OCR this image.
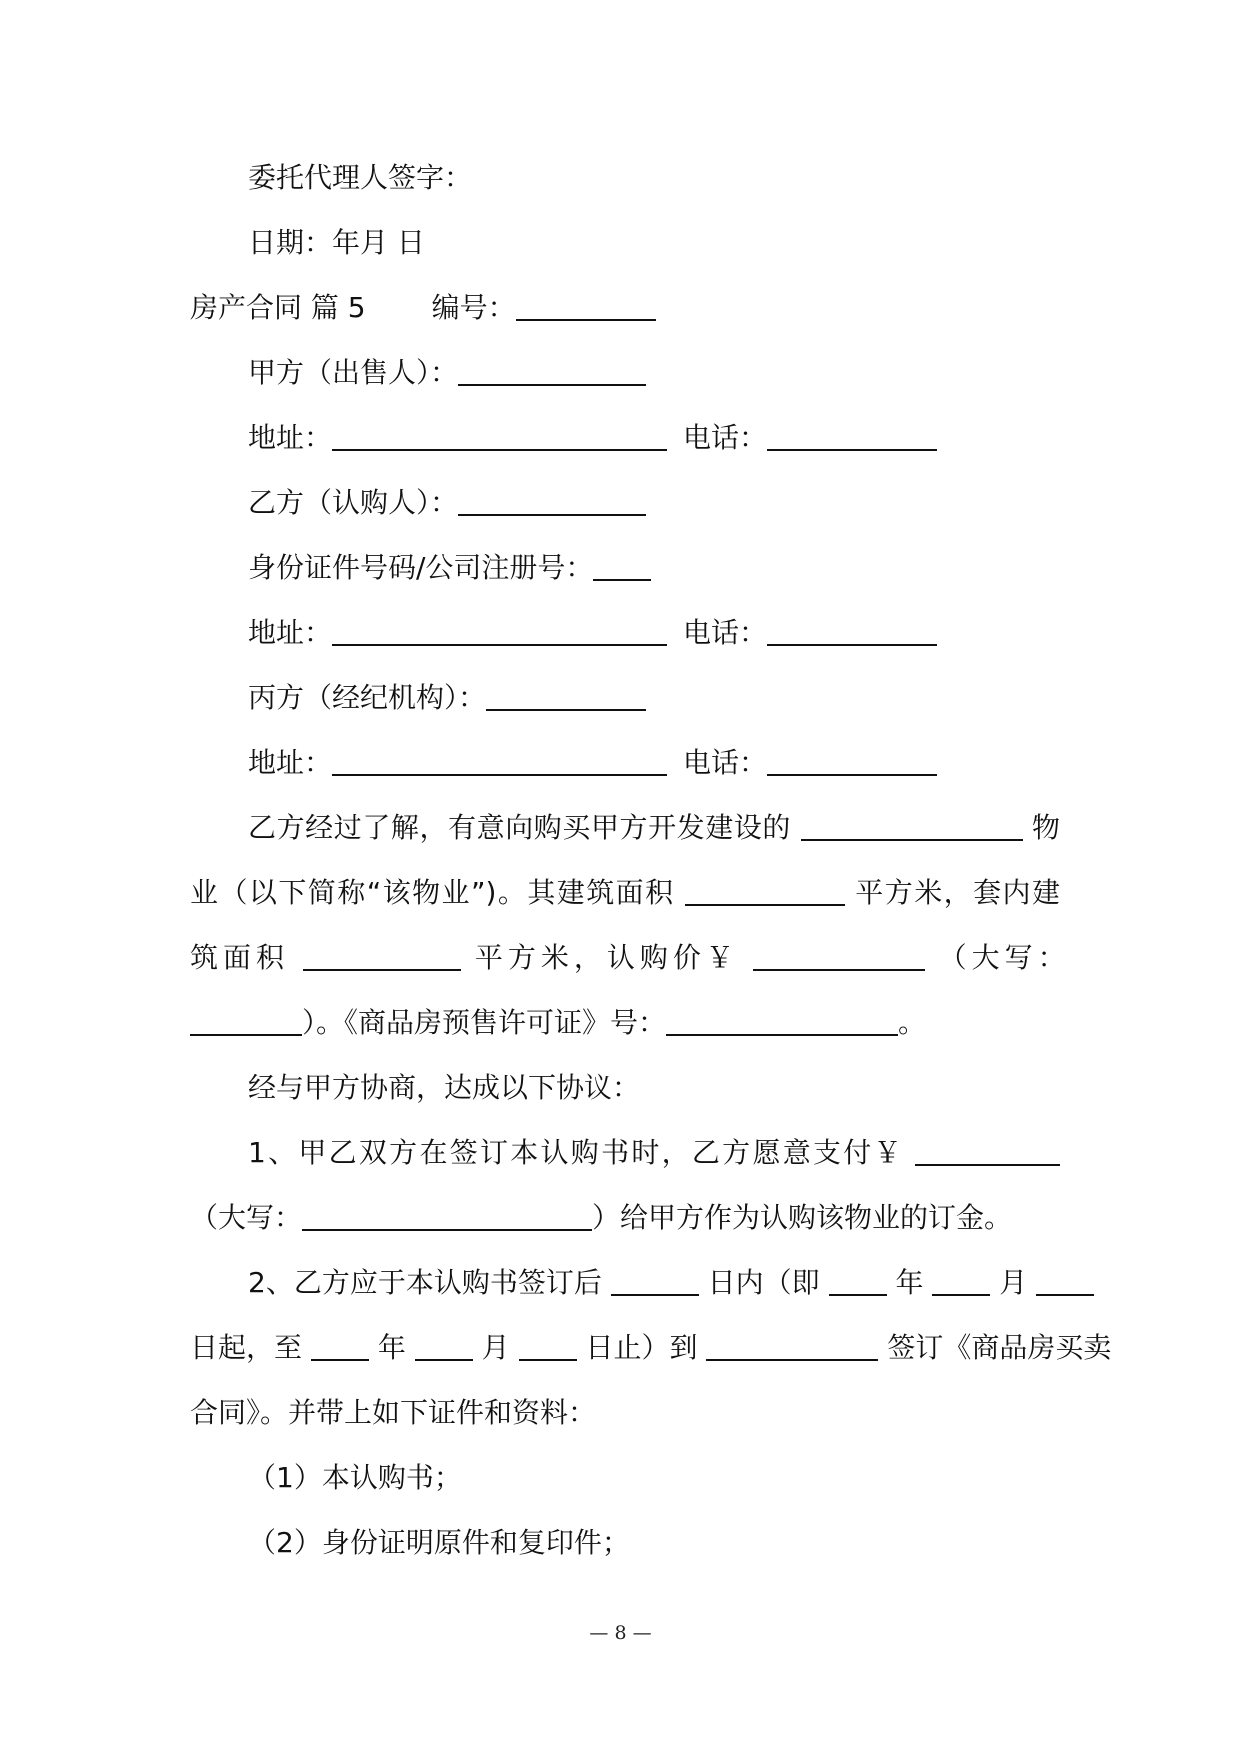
委托代理人签字：
日期：年月 日
房产合同 篇 5 编号：
甲方（出售人）：
地址：	电话：
乙方（认购人）：
身份证件号码/公司注册号：
地址：	电话：
丙方（经纪机构）：
地址：	电话：
乙方经过了解，有意向购买甲方开发建设的	物
业（以下简称“该物业”)。其建筑面积	平方米，套内建
筑面积	平方米，认购价￥	（大写：
）。《商品房预售许可证》号：	。
经与甲方协商，达成以下协议：
1、甲乙双方在签订本认购书时，乙方愿意支付￥
（大写：	）给甲方作为认购该物业的订金。
2、乙方应于本认购书签订后	日内（即	年	月
日起，至	年	月	日止）到	签订《商品房买卖
合同》。并带上如下证件和资料：
（1）本认购书；
（2）身份证明原件和复印件；
— 8 —
